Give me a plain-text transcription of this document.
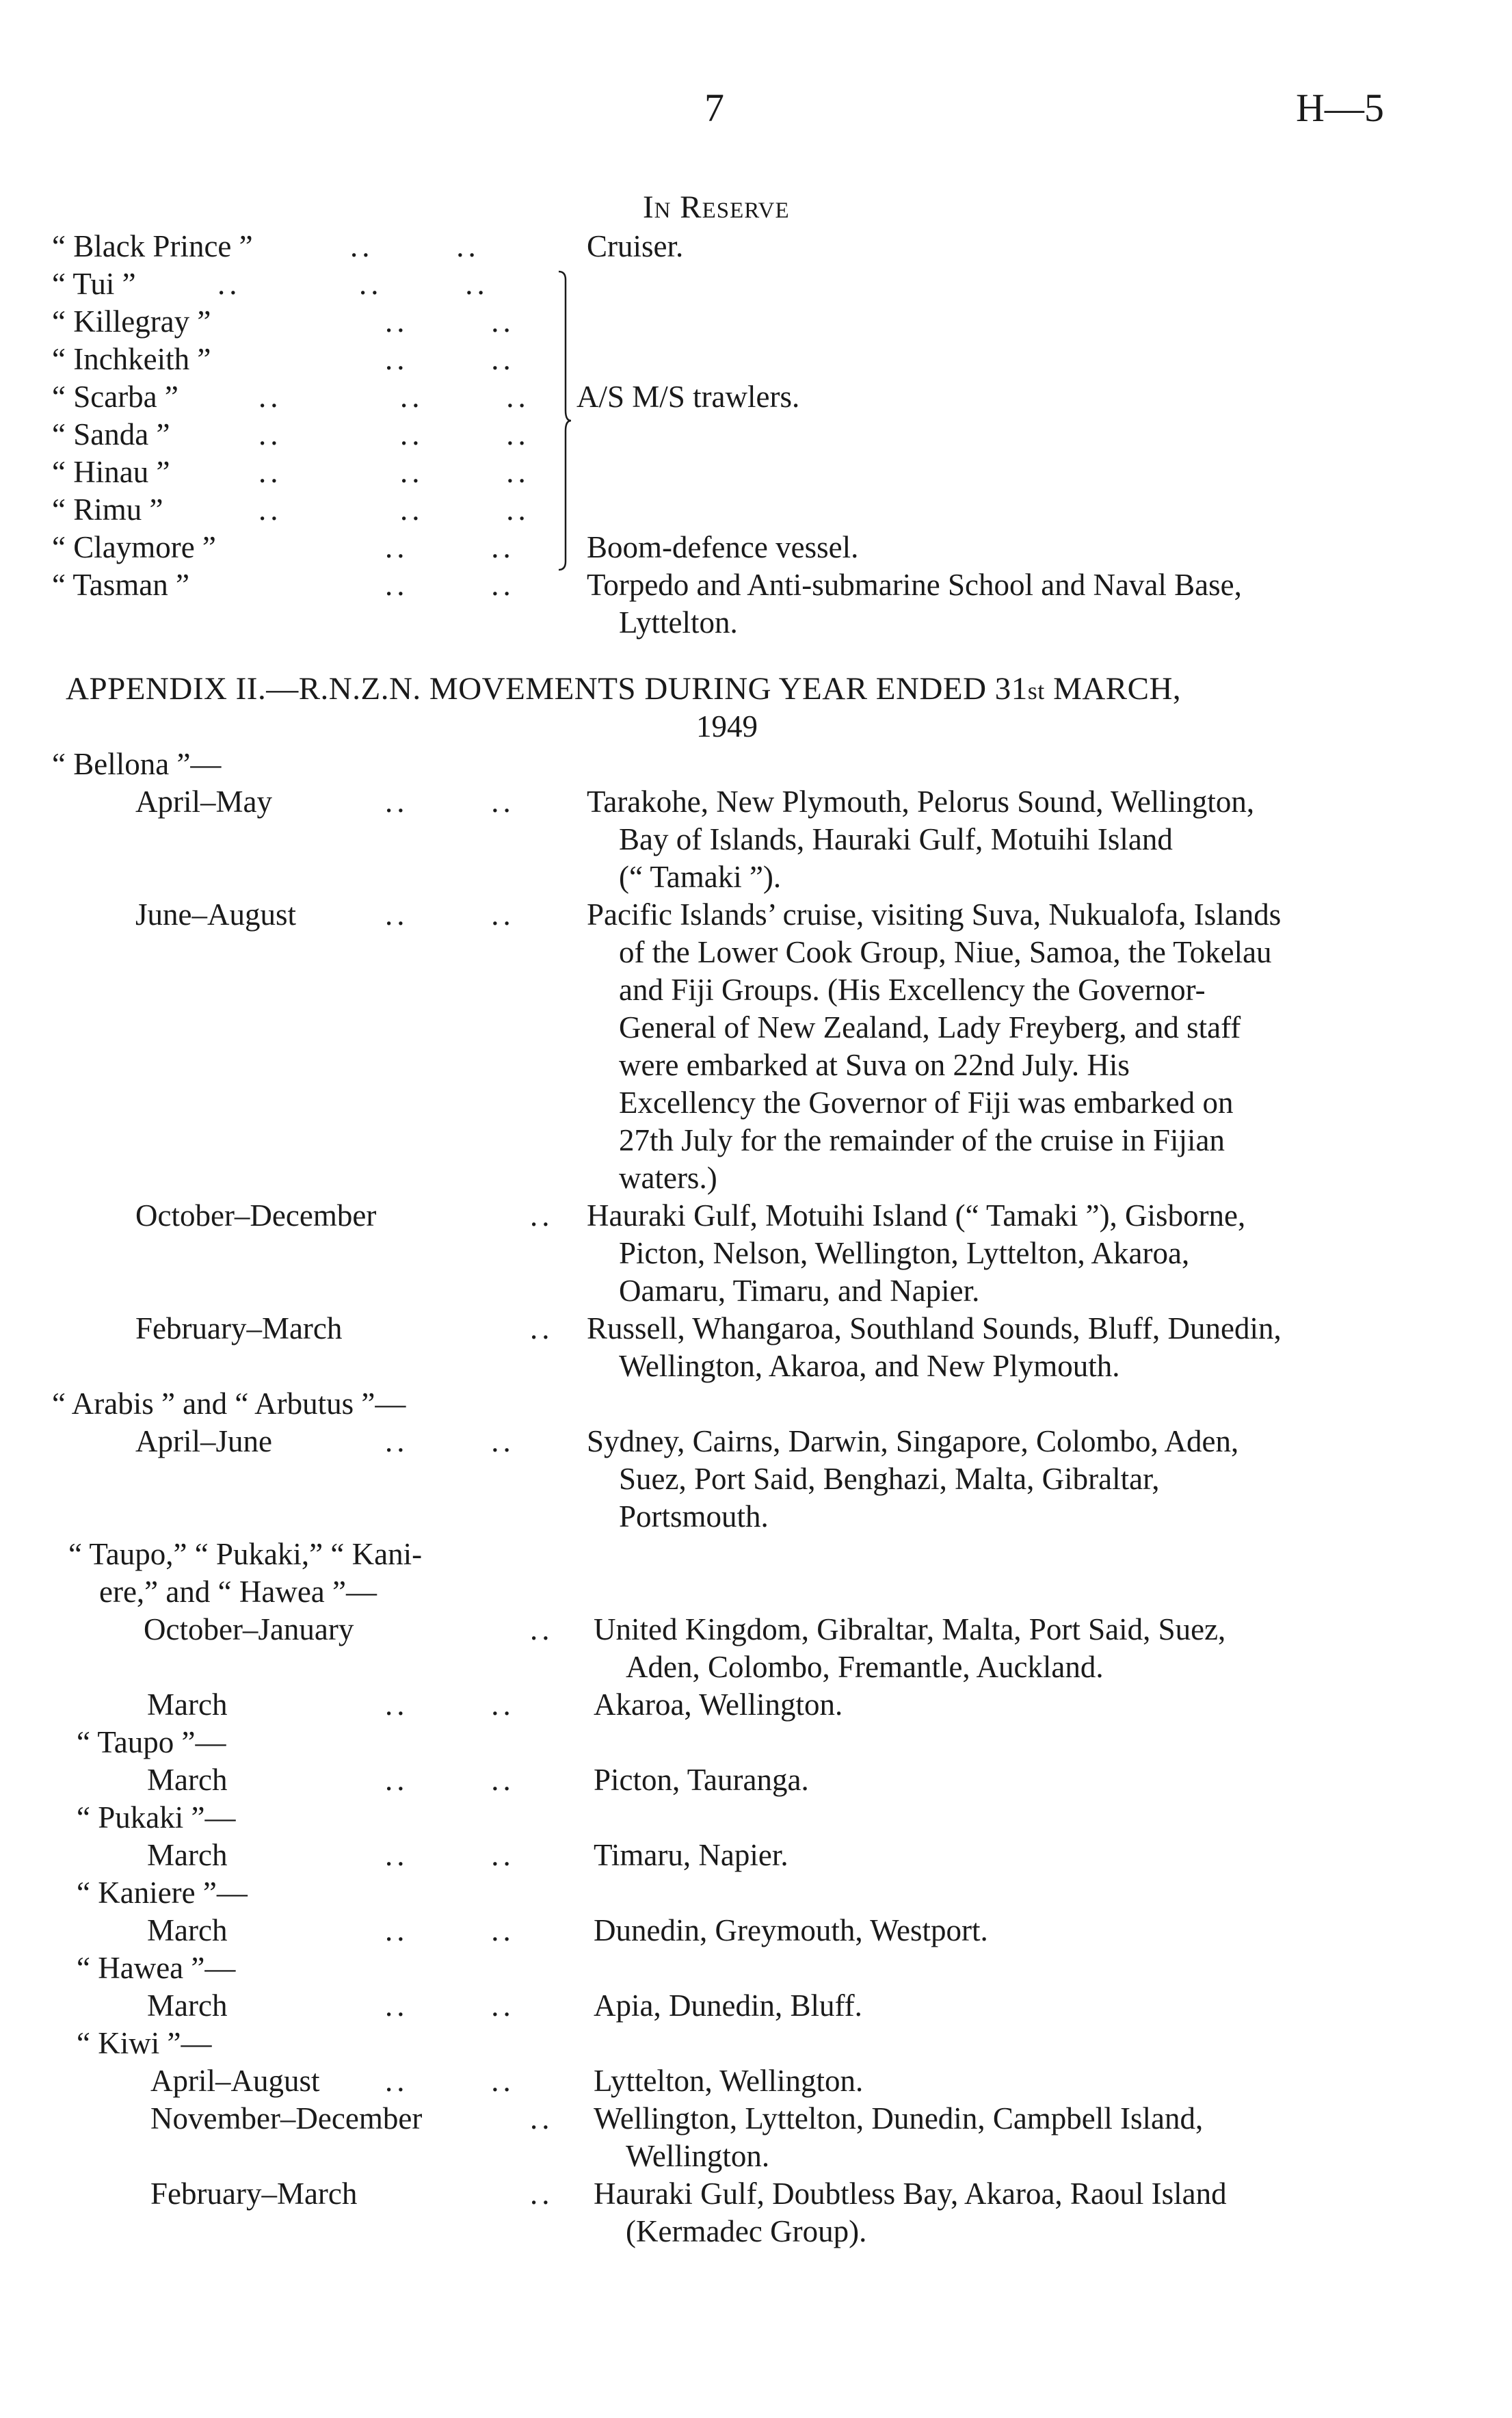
7	H—5
In Reserve
“ Black Prince ”	..       ..	Cruiser.
“ Tui ”	..          ..       ..
“ Killegray ”	..       ..
“ Inchkeith ”	..       ..
“ Scarba ”	..          ..       ..
“ Sanda ”	..          ..       ..
“ Hinau ”	..          ..       ..
“ Rimu ”	..          ..       ..
A/S M/S trawlers.
“ Claymore ”	..       .. Boom-defence vessel.
“ Tasman ”	..       .. Torpedo and Anti-submarine School and Naval Base,
Lyttelton.
APPENDIX II.—R.N.Z.N. MOVEMENTS DURING YEAR ENDED 31st MARCH,
1949
“ Bellona ”—
April–May	..       .. Tarakohe, New Plymouth, Pelorus Sound, Wellington,
Bay of Islands, Hauraki Gulf, Motuihi Island
(“ Tamaki ”).
June–August	..       .. Pacific Islands’ cruise, visiting Suva, Nukualofa, Islands
of the Lower Cook Group, Niue, Samoa, the Tokelau
and Fiji Groups. (His Excellency the Governor-
General of New Zealand, Lady Freyberg, and staff
were embarked at Suva on 22nd July. His
Excellency the Governor of Fiji was embarked on
27th July for the remainder of the cruise in Fijian
waters.)
October–December	.. Hauraki Gulf, Motuihi Island (“ Tamaki ”), Gisborne,
Picton, Nelson, Wellington, Lyttelton, Akaroa,
Oamaru, Timaru, and Napier.
February–March	.. Russell, Whangaroa, Southland Sounds, Bluff, Dunedin,
Wellington, Akaroa, and New Plymouth.
“ Arabis ” and “ Arbutus ”—
April–June	..       .. Sydney, Cairns, Darwin, Singapore, Colombo, Aden,
Suez, Port Said, Benghazi, Malta, Gibraltar,
Portsmouth.
“ Taupo,” “ Pukaki,” “ Kani-
ere,” and “ Hawea ”—
October–January	.. United Kingdom, Gibraltar, Malta, Port Said, Suez,
Aden, Colombo, Fremantle, Auckland.
March	..       ..	Akaroa, Wellington.
“ Taupo ”—
March	..       ..	Picton, Tauranga.
“ Pukaki ”—
March	..       ..	Timaru, Napier.
“ Kaniere ”—
March	..       ..	Dunedin, Greymouth, Westport.
“ Hawea ”—
March	..       ..	Apia, Dunedin, Bluff.
“ Kiwi ”—
April–August ..       ..	Lyttelton, Wellington.
November–December	.. Wellington, Lyttelton, Dunedin, Campbell Island,
Wellington.
February–March	.. Hauraki Gulf, Doubtless Bay, Akaroa, Raoul Island
(Kermadec Group).
